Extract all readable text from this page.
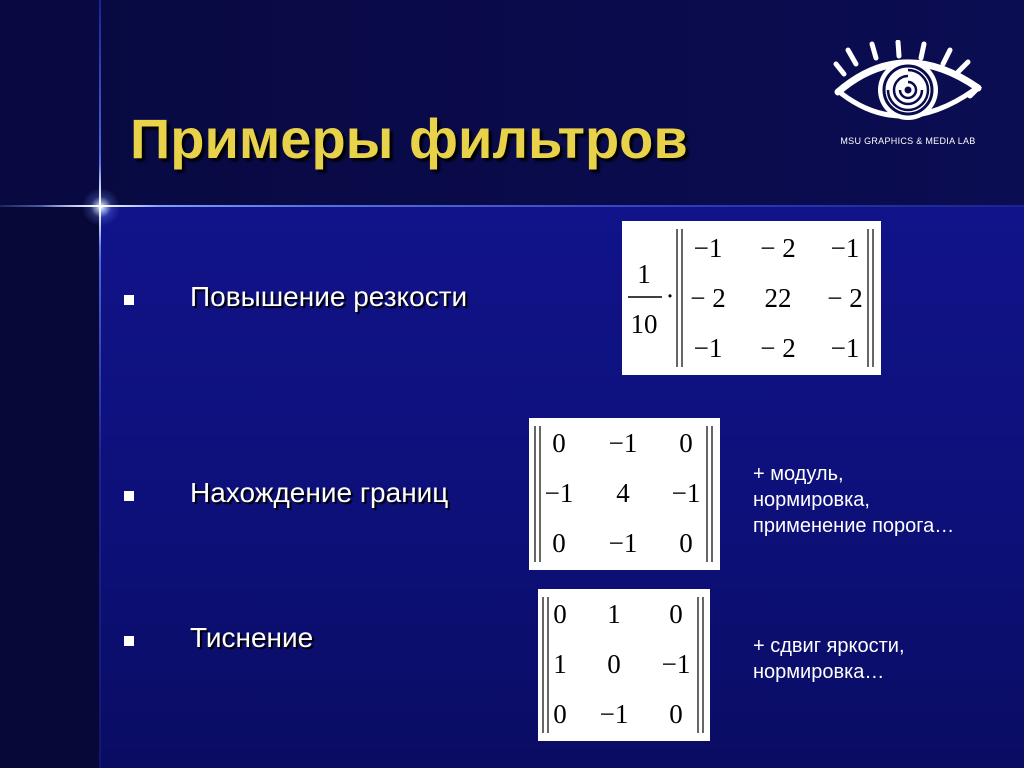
Примеры фильтров	MSU GRAPHICS & MEDIA LAB
Повышение резкости
1
10
·
−1 − 2 −1
− 2 22 − 2
−1 − 2 −1
Нахождение границ
0 −1 0
−1 4 −1
0 −1 0
+ модуль,
нормировка,
применение порога…
Тиснение
0 1 0
1 0 −1
0 −1 0
+ сдвиг яркости,
нормировка…
